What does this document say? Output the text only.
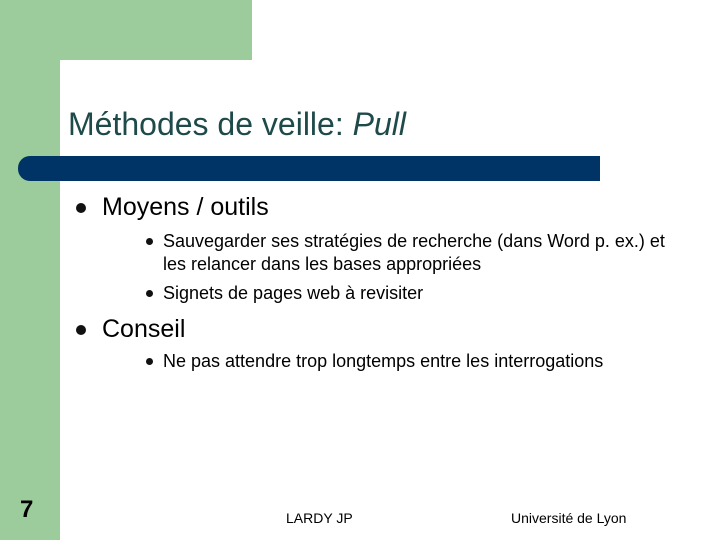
Méthodes de veille: Pull
Moyens / outils
Sauvegarder ses stratégies de recherche (dans Word p. ex.) et les relancer dans les bases appropriées
Signets de pages web à revisiter
Conseil
Ne pas attendre trop longtemps entre les interrogations
7	LARDY JP	Université de Lyon
